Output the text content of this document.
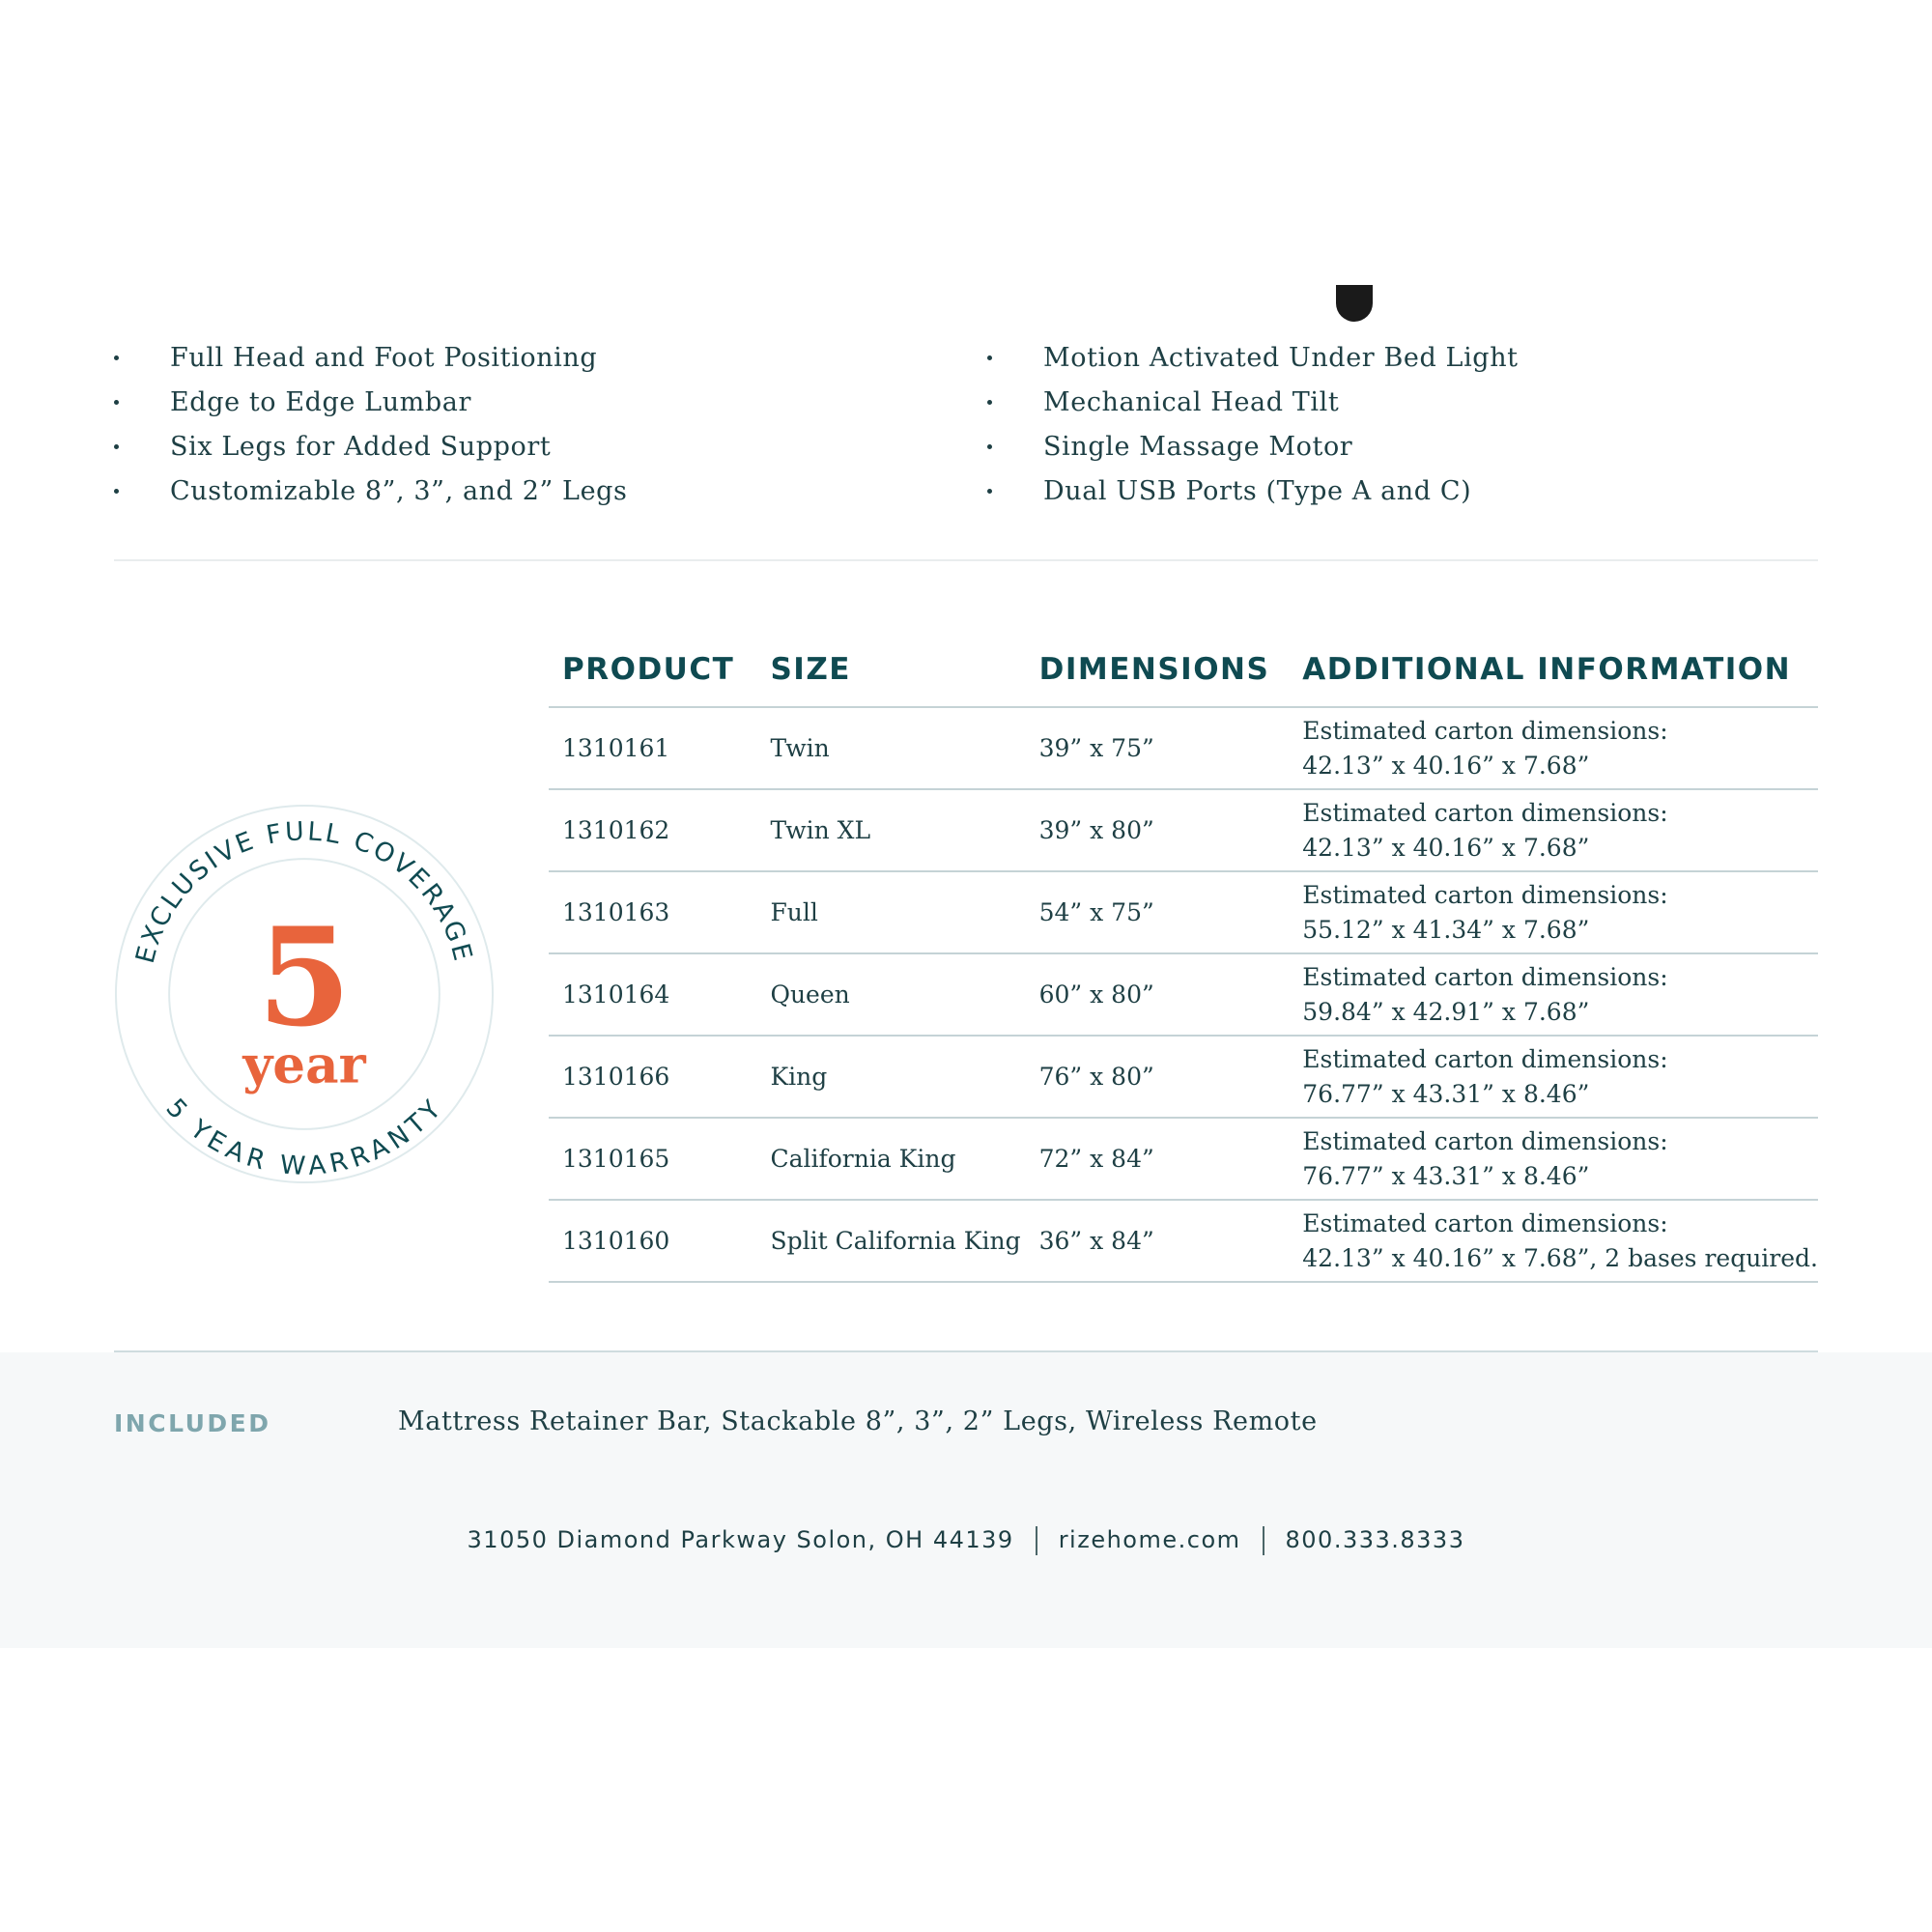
Full Head and Foot Positioning
Edge to Edge Lumbar
Six Legs for Added Support
Customizable 8”, 3”, and 2” Legs
Motion Activated Under Bed Light
Mechanical Head Tilt
Single Massage Motor
Dual USB Ports (Type A and C)
EXCLUSIVE FULL COVERAGE
5 YEAR WARRANTY
5
year
PRODUCT	SIZE	DIMENSIONS	ADDITIONAL INFORMATION
1310161	Twin	39” x 75”	Estimated carton dimensions:
42.13” x 40.16” x 7.68”

1310162	Twin XL	39” x 80”	Estimated carton dimensions:
42.13” x 40.16” x 7.68”

1310163	Full	54” x 75”	Estimated carton dimensions:
55.12” x 41.34” x 7.68”

1310164	Queen	60” x 80”	Estimated carton dimensions:
59.84” x 42.91” x 7.68”

1310166	King	76” x 80”	Estimated carton dimensions:
76.77” x 43.31” x 8.46”

1310165	California King	72” x 84”	Estimated carton dimensions:
76.77” x 43.31” x 8.46”

1310160	Split California King	36” x 84”	Estimated carton dimensions:
42.13” x 40.16” x 7.68”, 2 bases required.
INCLUDED	Mattress Retainer Bar, Stackable 8”, 3”, 2” Legs, Wireless Remote
31050 Diamond Parkway Solon, OH 44139 rizehome.com 800.333.8333
